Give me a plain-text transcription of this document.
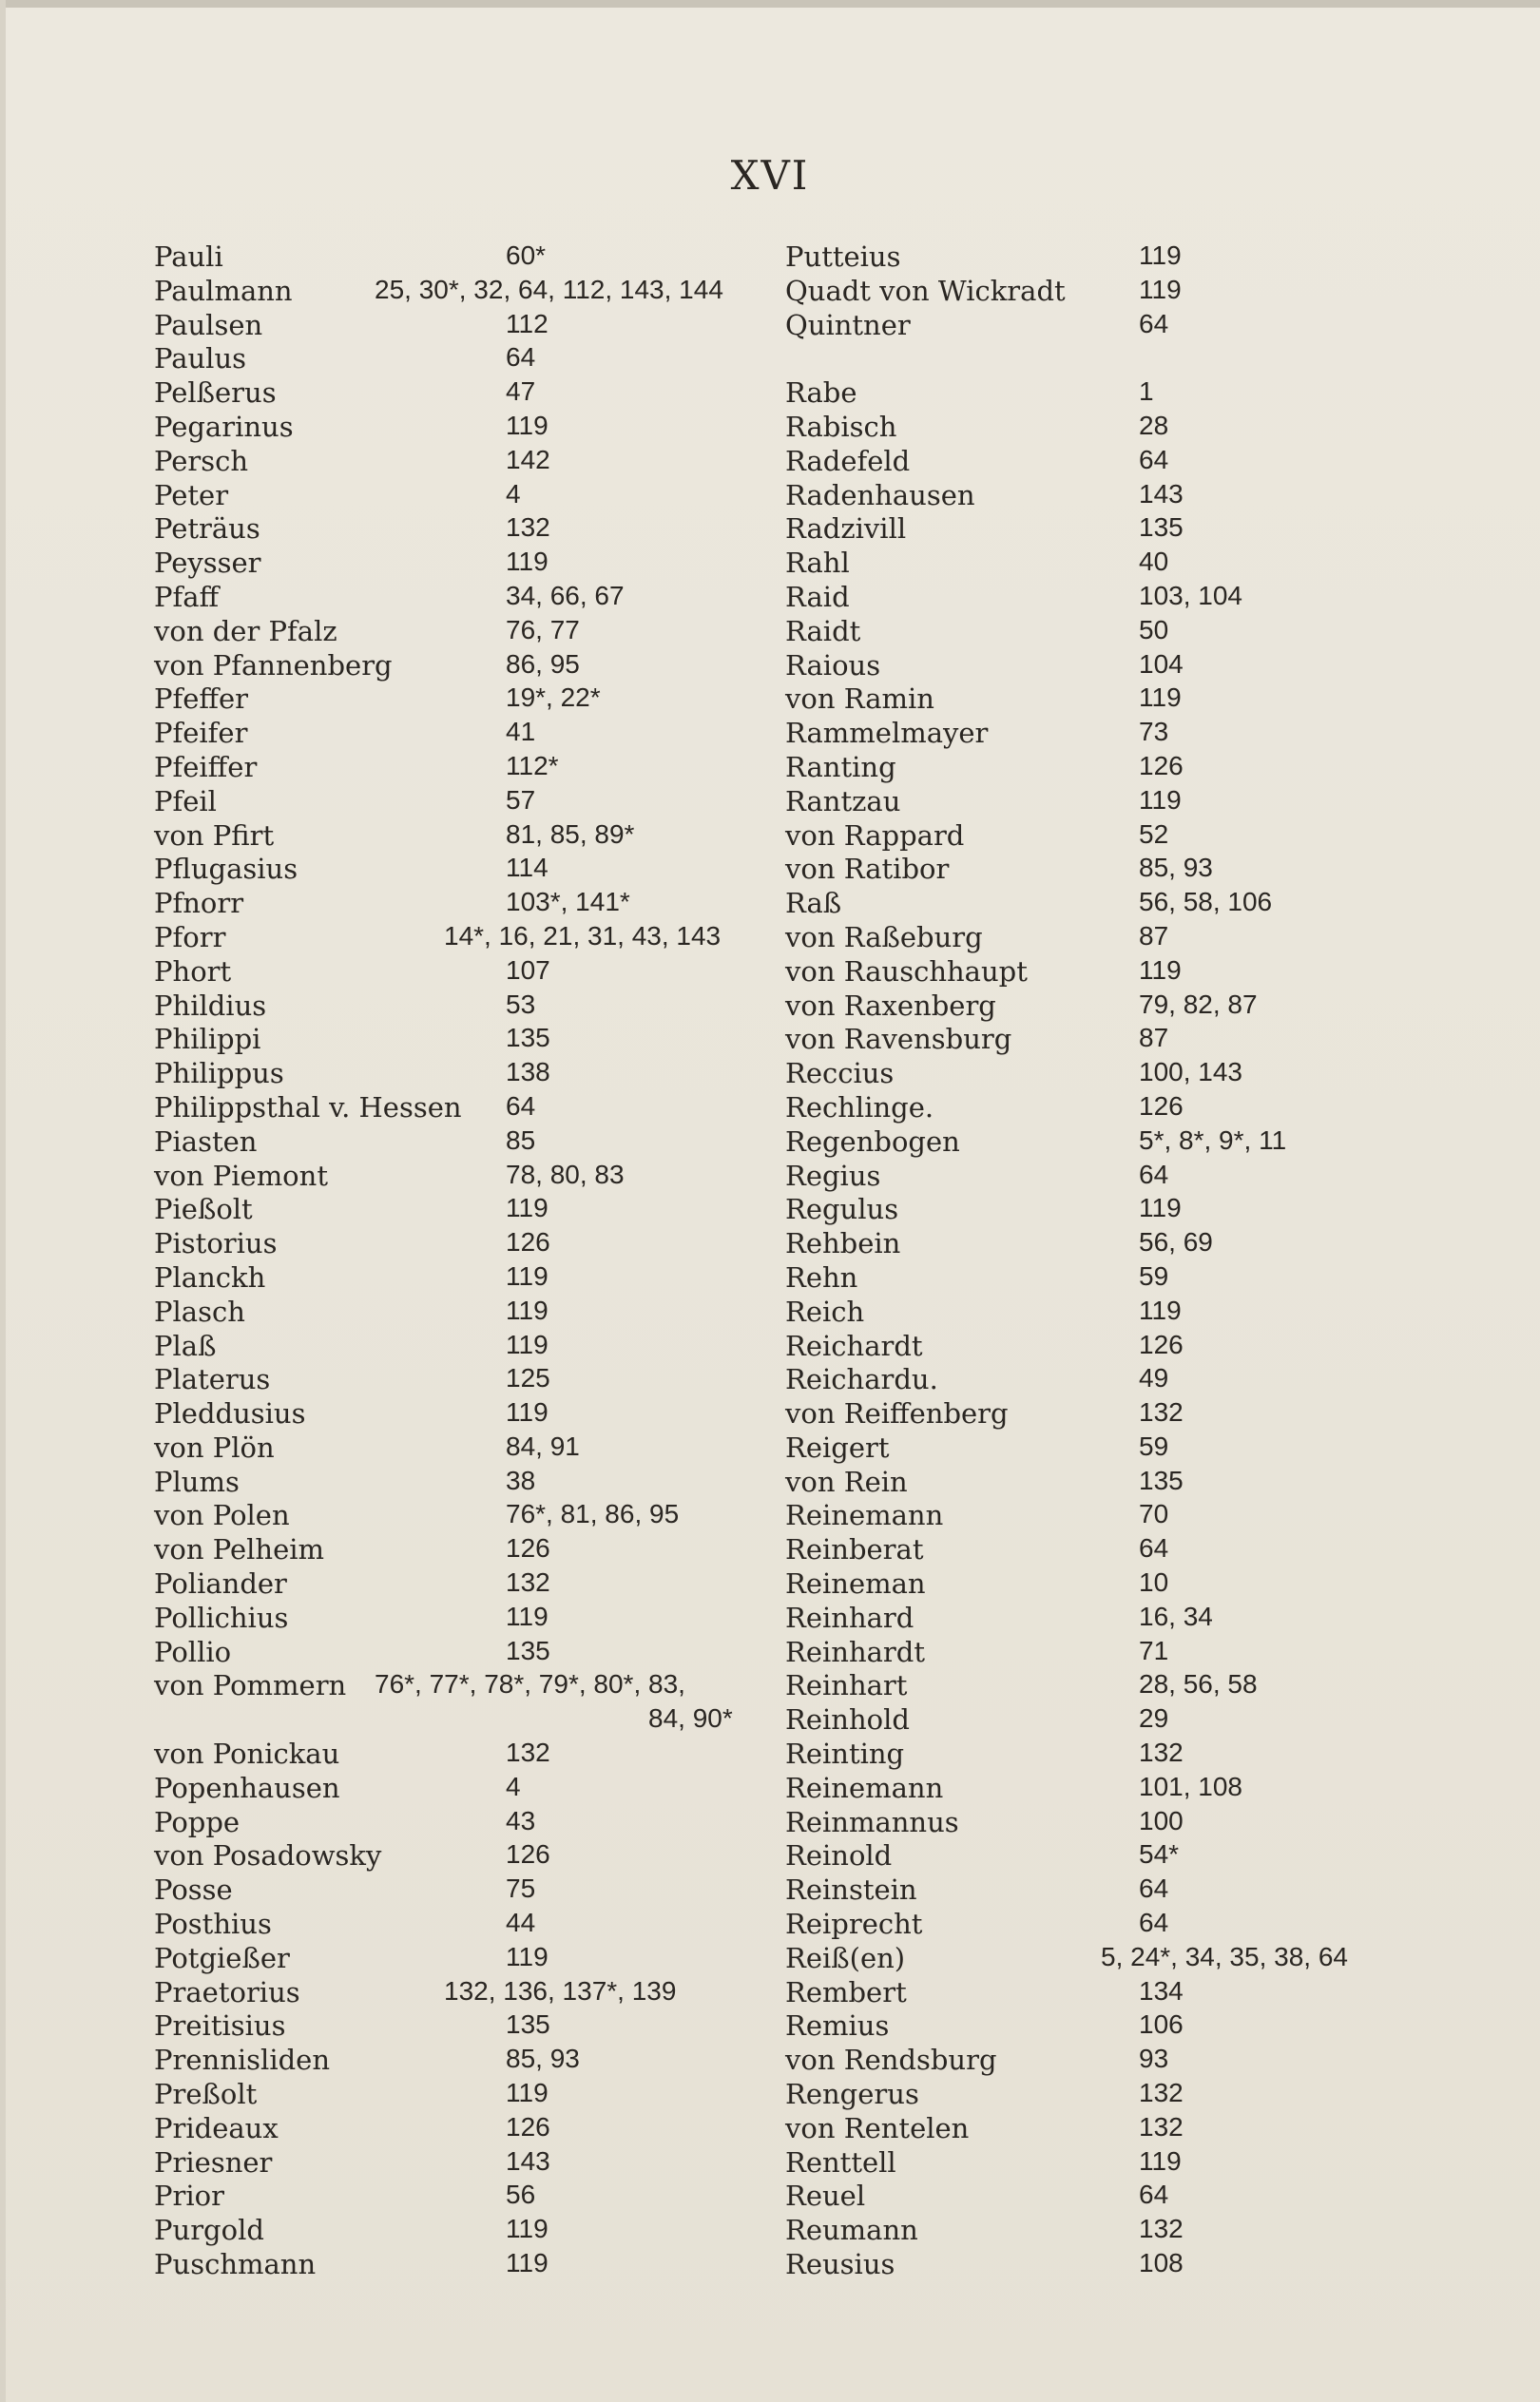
XVI
Pauli	60*
Paulmann	25, 30*, 32, 64, 112, 143, 144
Paulsen	112
Paulus	64
Pelßerus	47
Pegarinus	119
Persch	142
Peter	4
Peträus	132
Peysser	119
Pfaff	34, 66, 67
von der Pfalz	76, 77
von Pfannenberg	86, 95
Pfeffer	19*, 22*
Pfeifer	41
Pfeiffer	112*
Pfeil	57
von Pfirt	81, 85, 89*
Pflugasius	114
Pfnorr	103*, 141*
Pforr	14*, 16, 21, 31, 43, 143
Phort	107
Phildius	53
Philippi	135
Philippus	138
Philippsthal v. Hessen 64
Piasten	85
von Piemont	78, 80, 83
Pießolt	119
Pistorius	126
Planckh	119
Plasch	119
Plaß	119
Platerus	125
Pleddusius	119
von Plön	84, 91
Plums	38
von Polen	76*, 81, 86, 95
von Pelheim	126
Poliander	132
Pollichius	119
Pollio	135
von Pommern 76*, 77*, 78*, 79*, 80*, 83,
84, 90*
von Ponickau	132
Popenhausen	4
Poppe	43
von Posadowsky	126
Posse	75
Posthius	44
Potgießer	119
Praetorius	132, 136, 137*, 139
Preitisius	135
Prennisliden	85, 93
Preßolt	119
Prideaux	126
Priesner	143
Prior	56
Purgold	119
Puschmann	119
Putteius	119
Quadt von Wickradt	119
Quintner	64
Rabe	1
Rabisch	28
Radefeld	64
Radenhausen	143
Radzivill	135
Rahl	40
Raid	103, 104
Raidt	50
Raious	104
von Ramin	119
Rammelmayer	73
Ranting	126
Rantzau	119
von Rappard	52
von Ratibor	85, 93
Raß	56, 58, 106
von Raßeburg	87
von Rauschhaupt	119
von Raxenberg	79, 82, 87
von Ravensburg	87
Reccius	100, 143
Rechlinge.	126
Regenbogen	5*, 8*, 9*, 11
Regius	64
Regulus	119
Rehbein	56, 69
Rehn	59
Reich	119
Reichardt	126
Reichardu.	49
von Reiffenberg	132
Reigert	59
von Rein	135
Reinemann	70
Reinberat	64
Reineman	10
Reinhard	16, 34
Reinhardt	71
Reinhart	28, 56, 58
Reinhold	29
Reinting	132
Reinemann	101, 108
Reinmannus	100
Reinold	54*
Reinstein	64
Reiprecht	64
Reiß(en)	5, 24*, 34, 35, 38, 64
Rembert	134
Remius	106
von Rendsburg	93
Rengerus	132
von Rentelen	132
Renttell	119
Reuel	64
Reumann	132
Reusius	108
